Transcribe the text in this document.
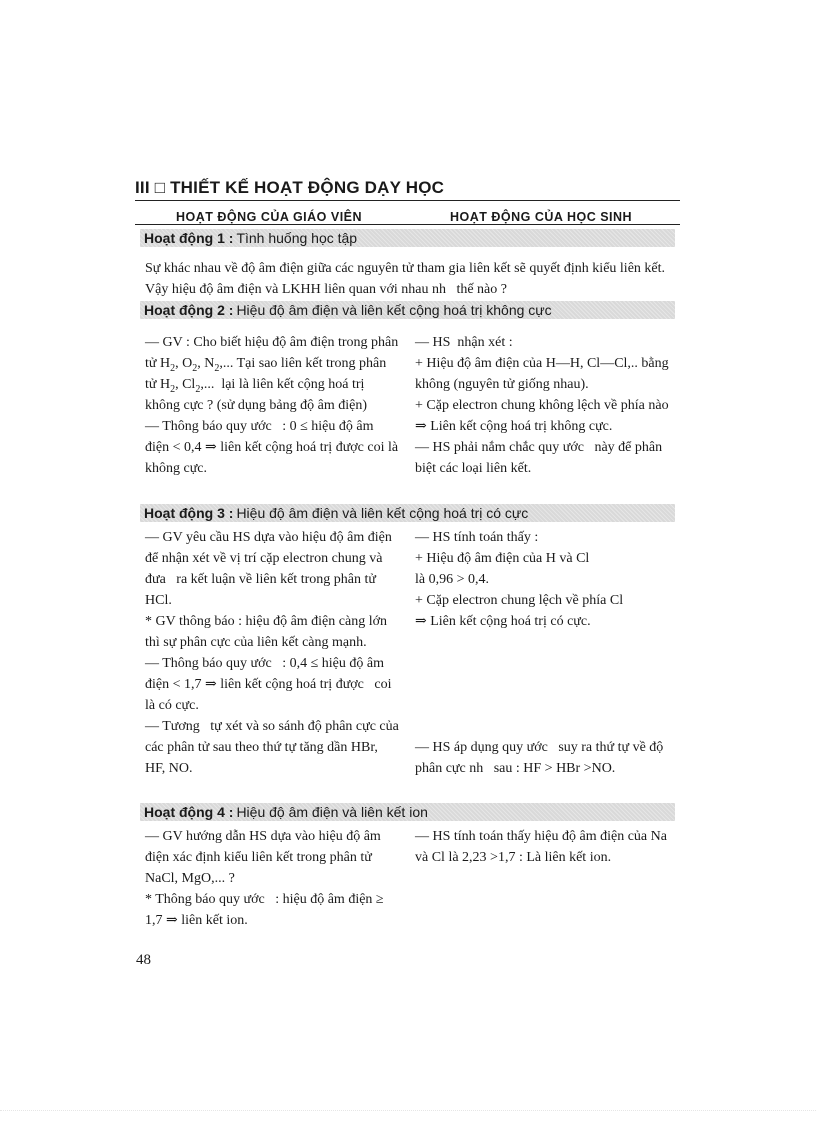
III □ THIẾT KẾ HOẠT ĐỘNG DẠY HỌC
HOẠT ĐỘNG CỦA GIÁO VIÊN	HOẠT ĐỘNG CỦA HỌC SINH
Hoạt động 1 : Tình huống học tập
Sự khác nhau về độ âm điện giữa các nguyên tử tham gia liên kết sẽ quyết định kiểu liên kết. Vậy hiệu độ âm điện và LKHH liên quan với nhau nh   thế nào ?
Hoạt động 2 : Hiệu độ âm điện và liên kết cộng hoá trị không cực

— GV : Cho biết hiệu độ âm điện trong phân tử $H_2$, $O_2$, $N_2$,... Tại sao liên kết trong phân tử $H_2$, $Cl_2$,...  lại là liên kết cộng hoá trị không cực ? (sử dụng bảng độ âm điện)

— Thông báo quy ước   : 0 ≤ hiệu độ âm điện < 0,4 ⇒ liên kết cộng hoá trị được coi là không cực.

— HS  nhận xét :

+ Hiệu độ âm điện của H—H, Cl—Cl,.. bằng không (nguyên tử giống nhau).

+ Cặp electron chung không lệch về phía nào ⇒ Liên kết cộng hoá trị không cực.

— HS phải nắm chắc quy ước   này để phân biệt các loại liên kết.

Hoạt động 3 : Hiệu độ âm điện và liên kết cộng hoá trị có cực

— GV yêu cầu HS dựa vào hiệu độ âm điện để nhận xét về vị trí cặp electron chung và đưa   ra kết luận về liên kết trong phân tử HCl.

* GV thông báo : hiệu độ âm điện càng lớn thì sự phân cực của liên kết càng mạnh.

— Thông báo quy ước   : 0,4 ≤ hiệu độ âm điện < 1,7 ⇒ liên kết cộng hoá trị được   coi là có cực.

— Tương   tự xét và so sánh độ phân cực của các phân tử sau theo thứ tự tăng dần HBr, HF, NO.

— HS tính toán thấy :

+ Hiệu độ âm điện của H và Cl

là 0,96 > 0,4.

+ Cặp electron chung lệch về phía Cl

⇒ Liên kết cộng hoá trị có cực.

— HS áp dụng quy ước   suy ra thứ tự về độ phân cực nh   sau : HF > HBr >NO.
Hoạt động 4 : Hiệu độ âm điện và liên kết ion

— GV hướng dẫn HS dựa vào hiệu độ âm điện xác định kiểu liên kết trong phân tử NaCl, MgO,... ?

* Thông báo quy ước   : hiệu độ âm điện ≥ 1,7 ⇒ liên kết ion.

— HS tính toán thấy hiệu độ âm điện của Na và Cl là 2,23 >1,7 : Là liên kết ion.
48
